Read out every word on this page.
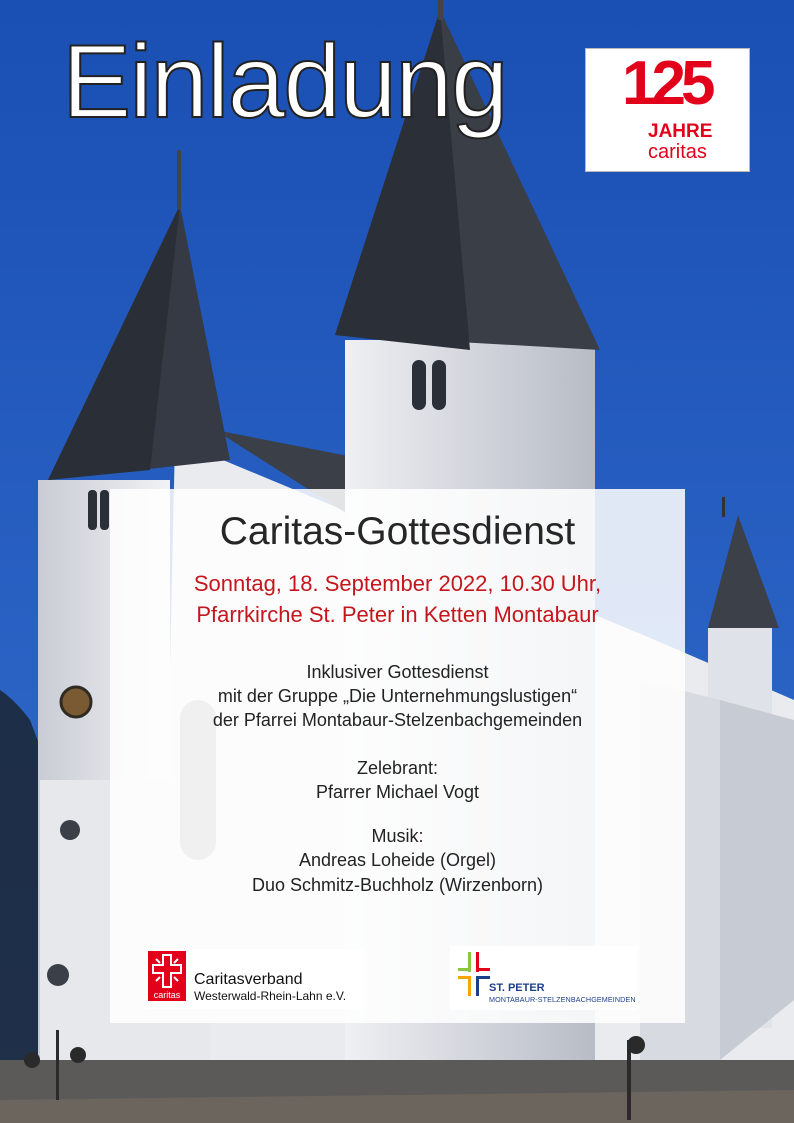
Einladung 125
JAHRE
caritas
Caritas-Gottesdienst
Sonntag, 18. September 2022, 10.30 Uhr,
Pfarrkirche St. Peter in Ketten Montabaur
Inklusiver Gottesdienst
mit der Gruppe „Die Unternehmungslustigen“
der Pfarrei Montabaur-Stelzenbachgemeinden
Zelebrant:
Pfarrer Michael Vogt
Musik:
Andreas Loheide (Orgel)
Duo Schmitz-Buchholz (Wirzenborn)
caritas
Caritasverband
Westerwald-Rhein-Lahn e.V.
ST. PETER
MONTABAUR-STELZENBACHGEMEINDEN
